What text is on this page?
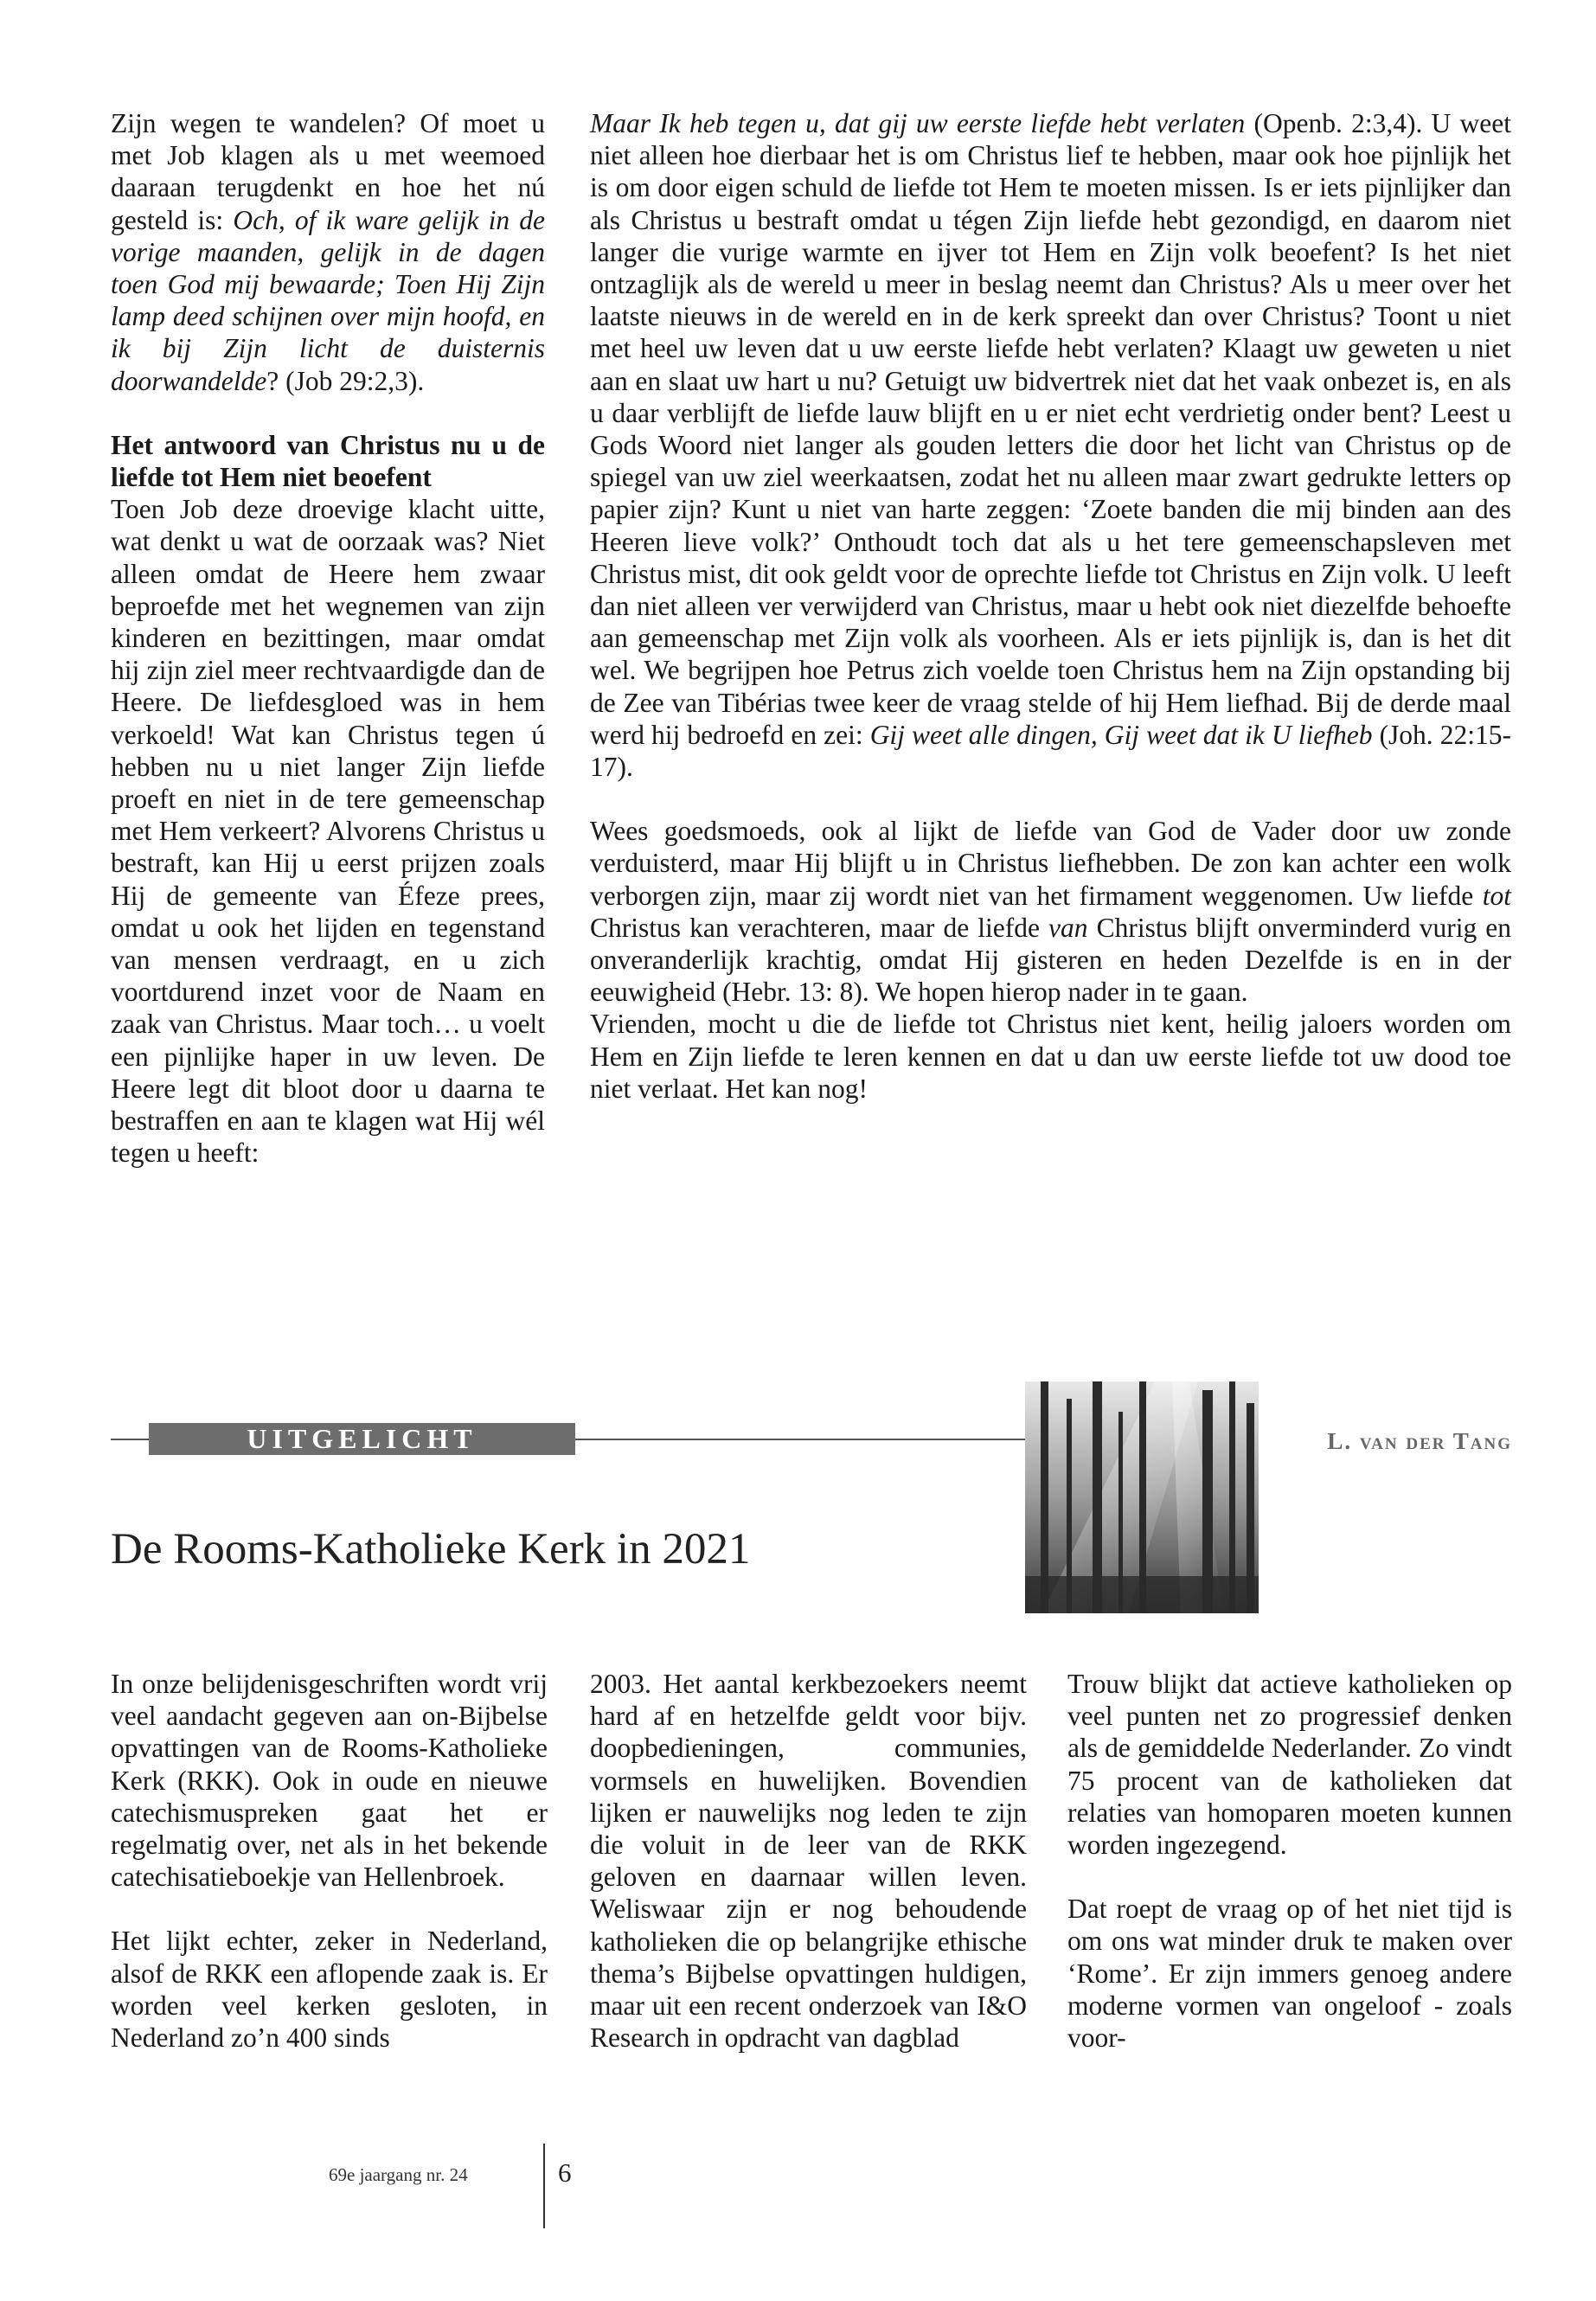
Zijn wegen te wandelen? Of moet u met Job klagen als u met weemoed daaraan terugdenkt en hoe het nú gesteld is: Och, of ik ware gelijk in de vorige maanden, gelijk in de dagen toen God mij bewaarde; Toen Hij Zijn lamp deed schijnen over mijn hoofd, en ik bij Zijn licht de duisternis doorwandelde? (Job 29:2,3).

Het antwoord van Christus nu u de liefde tot Hem niet beoefent

Toen Job deze droevige klacht uitte, wat denkt u wat de oorzaak was? Niet alleen omdat de Heere hem zwaar beproefde met het wegnemen van zijn kinderen en bezittingen, maar omdat hij zijn ziel meer rechtvaardigde dan de Heere. De liefdesgloed was in hem verkoeld! Wat kan Christus tegen ú hebben nu u niet langer Zijn liefde proeft en niet in de tere gemeenschap met Hem verkeert? Alvorens Christus u bestraft, kan Hij u eerst prijzen zoals Hij de gemeente van Éfeze prees, omdat u ook het lijden en tegenstand van mensen verdraagt, en u zich voortdurend inzet voor de Naam en zaak van Christus. Maar toch… u voelt een pijnlijke haper in uw leven. De Heere legt dit bloot door u daarna te bestraffen en aan te klagen wat Hij wél tegen u heeft:

Maar Ik heb tegen u, dat gij uw eerste liefde hebt verlaten (Openb. 2:3,4). U weet niet alleen hoe dierbaar het is om Christus lief te hebben, maar ook hoe pijnlijk het is om door eigen schuld de liefde tot Hem te moeten missen. Is er iets pijnlijker dan als Christus u bestraft omdat u tégen Zijn liefde hebt gezondigd, en daarom niet langer die vurige warmte en ijver tot Hem en Zijn volk beoefent? Is het niet ontzaglijk als de wereld u meer in beslag neemt dan Christus? Als u meer over het laatste nieuws in de wereld en in de kerk spreekt dan over Christus? Toont u niet met heel uw leven dat u uw eerste liefde hebt verlaten? Klaagt uw geweten u niet aan en slaat uw hart u nu? Getuigt uw bidvertrek niet dat het vaak onbezet is, en als u daar verblijft de liefde lauw blijft en u er niet echt verdrietig onder bent? Leest u Gods Woord niet langer als gouden letters die door het licht van Christus op de spiegel van uw ziel weerkaatsen, zodat het nu alleen maar zwart gedrukte letters op papier zijn? Kunt u niet van harte zeggen: ‘Zoete banden die mij binden aan des Heeren lieve volk?’ Onthoudt toch dat als u het tere gemeenschapsleven met Christus mist, dit ook geldt voor de oprechte liefde tot Christus en Zijn volk. U leeft dan niet alleen ver verwijderd van Christus, maar u hebt ook niet diezelfde behoefte aan gemeenschap met Zijn volk als voorheen. Als er iets pijnlijk is, dan is het dit wel. We begrijpen hoe Petrus zich voelde toen Christus hem na Zijn opstanding bij de Zee van Tibérias twee keer de vraag stelde of hij Hem liefhad. Bij de derde maal werd hij bedroefd en zei: Gij weet alle dingen, Gij weet dat ik U liefheb (Joh. 22:15-17).

Wees goedsmoeds, ook al lijkt de liefde van God de Vader door uw zonde verduisterd, maar Hij blijft u in Christus liefhebben. De zon kan achter een wolk verborgen zijn, maar zij wordt niet van het firmament weggenomen. Uw liefde tot Christus kan verachteren, maar de liefde van Christus blijft onverminderd vurig en onveranderlijk krachtig, omdat Hij gisteren en heden Dezelfde is en in der eeuwigheid (Hebr. 13: 8). We hopen hierop nader in te gaan.

Vrienden, mocht u die de liefde tot Christus niet kent, heilig jaloers worden om Hem en Zijn liefde te leren kennen en dat u dan uw eerste liefde tot uw dood toe niet verlaat. Het kan nog!

UITGELICHT	L. van der Tang
De Rooms-Katholieke Kerk in 2021

In onze belijdenisgeschriften wordt vrij veel aandacht gegeven aan on-Bijbelse opvattingen van de Rooms-Katholieke Kerk (RKK). Ook in oude en nieuwe catechismuspreken gaat het er regelmatig over, net als in het bekende catechisatieboekje van Hellenbroek.

Het lijkt echter, zeker in Nederland, alsof de RKK een aflopende zaak is. Er worden veel kerken gesloten, in Nederland zo’n 400 sinds

2003. Het aantal kerkbezoekers neemt hard af en hetzelfde geldt voor bijv. doopbedieningen, communies, vormsels en huwelijken. Bovendien lijken er nauwelijks nog leden te zijn die voluit in de leer van de RKK geloven en daarnaar willen leven. Weliswaar zijn er nog behoudende katholieken die op belangrijke ethische thema’s Bijbelse opvattingen huldigen, maar uit een recent onderzoek van I&O Research in opdracht van dagblad

Trouw blijkt dat actieve katholieken op veel punten net zo progressief denken als de gemiddelde Nederlander. Zo vindt 75 procent van de katholieken dat relaties van homoparen moeten kunnen worden ingezegend.

Dat roept de vraag op of het niet tijd is om ons wat minder druk te maken over ‘Rome’. Er zijn immers genoeg andere moderne vormen van ongeloof - zoals voor-

69e jaargang nr. 24	6
